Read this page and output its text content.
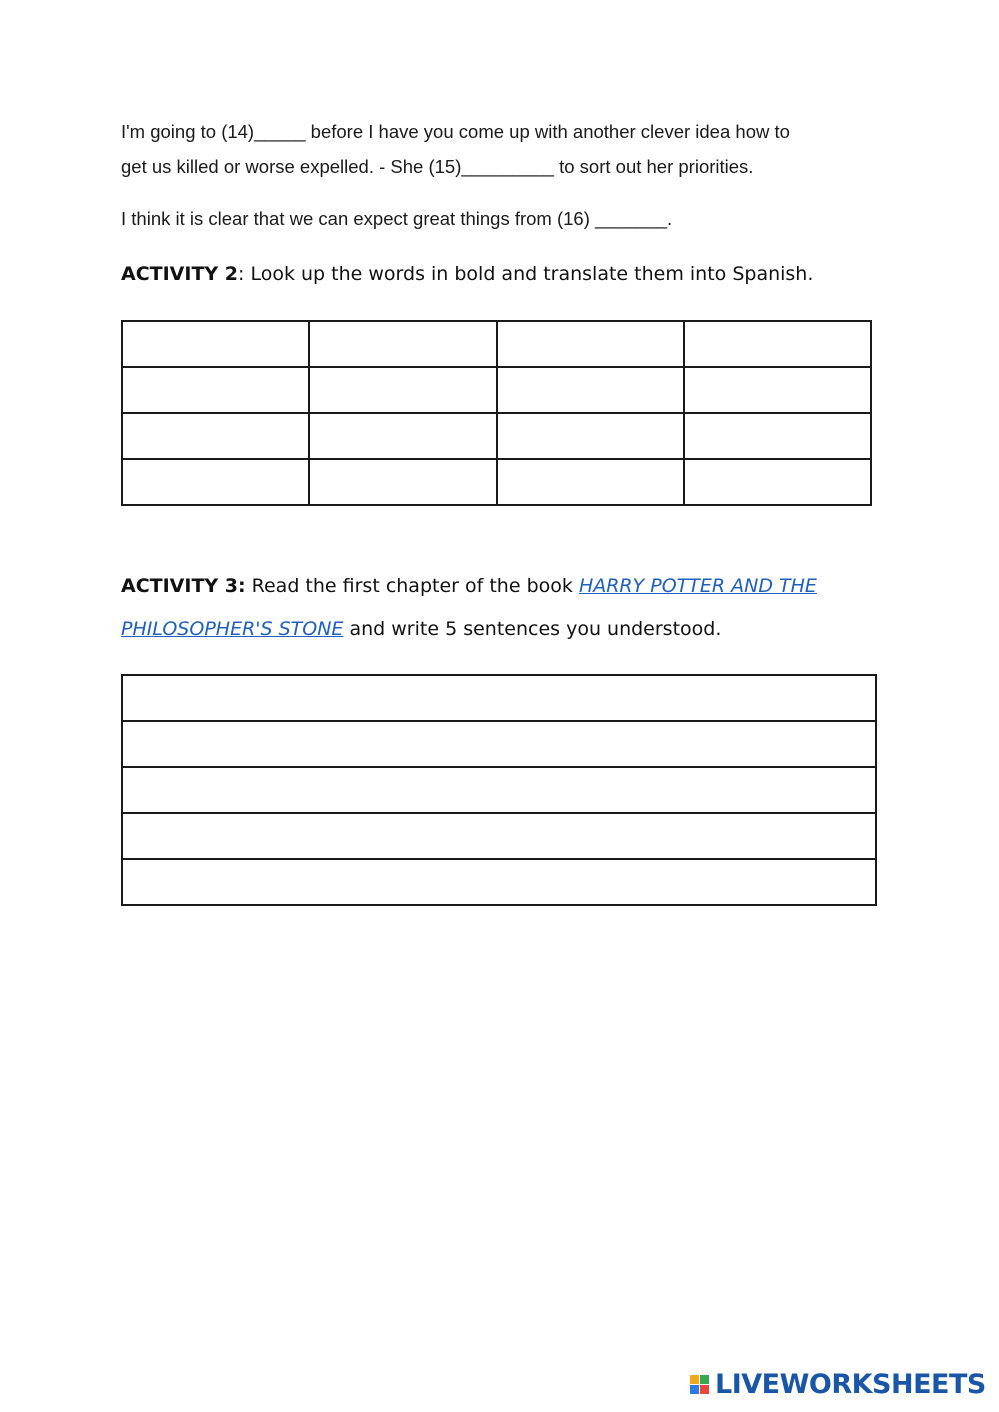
I'm going to (14)_____ before I have you come up with another clever idea how to

get us killed or worse expelled. - She (15)_________ to sort out her priorities.

I think it is clear that we can expect great things from (16) _______.

ACTIVITY 2: Look up the words in bold and translate them into Spanish.

ACTIVITY 3: Read the first chapter of the book HARRY POTTER AND THE

PHILOSOPHER'S STONE and write 5 sentences you understood.

LIVEWORKSHEETS
